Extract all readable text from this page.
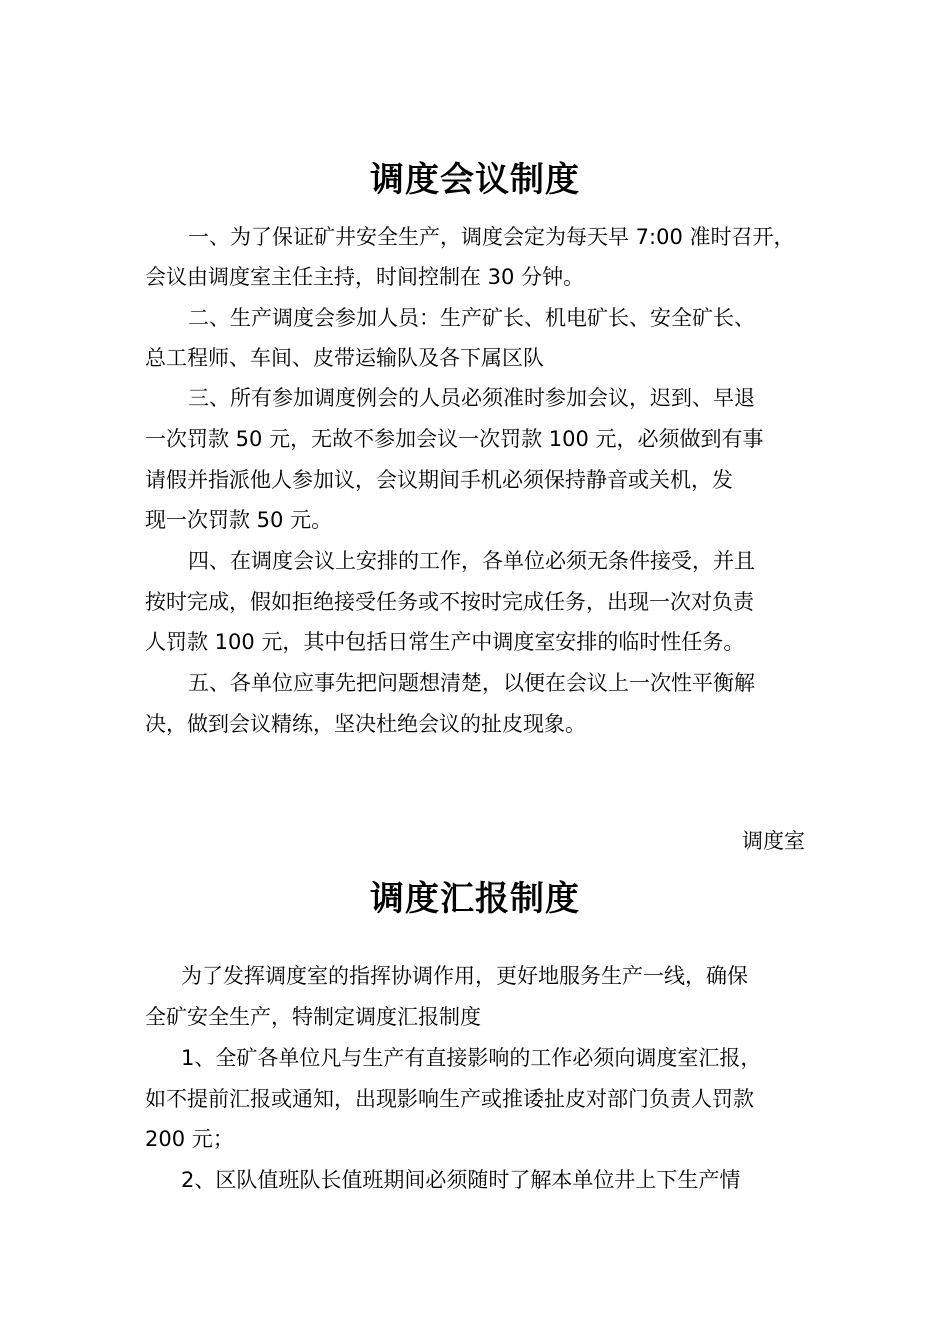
调度会议制度

一、为了保证矿井安全生产，调度会定为每天早 7:00 准时召开，

会议由调度室主任主持，时间控制在 30 分钟。

二、生产调度会参加人员：生产矿长、机电矿长、安全矿长、

总工程师、车间、皮带运输队及各下属区队

三、所有参加调度例会的人员必须准时参加会议，迟到、早退

一次罚款 50 元，无故不参加会议一次罚款 100 元，必须做到有事

请假并指派他人参加议，会议期间手机必须保持静音或关机，发

现一次罚款 50 元。

四、在调度会议上安排的工作，各单位必须无条件接受，并且

按时完成，假如拒绝接受任务或不按时完成任务，出现一次对负责

人罚款 100 元，其中包括日常生产中调度室安排的临时性任务。

五、各单位应事先把问题想清楚，以便在会议上一次性平衡解

决，做到会议精练，坚决杜绝会议的扯皮现象。

调度室

调度汇报制度

为了发挥调度室的指挥协调作用，更好地服务生产一线，确保

全矿安全生产，特制定调度汇报制度

1、全矿各单位凡与生产有直接影响的工作必须向调度室汇报，

如不提前汇报或通知，出现影响生产或推诿扯皮对部门负责人罚款

200 元；

2、区队值班队长值班期间必须随时了解本单位井上下生产情
